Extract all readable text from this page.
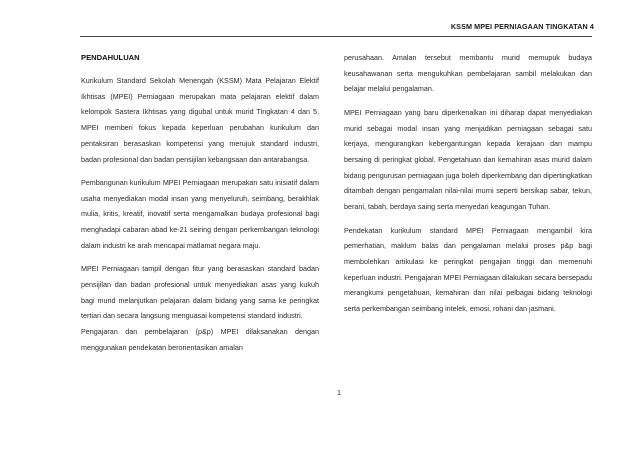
KSSM MPEI PERNIAGAAN TINGKATAN 4
PENDAHULUAN

Kurikulum Standard Sekolah Menengah (KSSM) Mata Pelajaran Elektif Ikhtisas (MPEI) Perniagaan merupakan mata pelajaran elektif dalam kelompok Sastera Ikhtisas yang digubal untuk murid Tingkatan 4 dan 5. MPEI memberi fokus kepada keperluan perubahan kurikulum dan pentaksiran berasaskan kompetensi yang merujuk standard industri, badan profesional dan badan pensijilan kebangsaan dan antarabangsa.

Pembangunan kurikulum MPEI Perniagaan merupakan satu inisiatif dalam usaha menyediakan modal insan yang menyeluruh, seimbang, berakhlak mulia, kritis, kreatif, inovatif serta mengamalkan budaya profesional bagi menghadapi cabaran abad ke-21 seiring dengan perkembangan teknologi dalam industri ke arah mencapai matlamat negara maju.

MPEI Perniagaan tampil dengan fitur yang berasaskan standard badan pensijilan dan badan profesional untuk menyediakan asas yang kukuh bagi murid melanjutkan pelajaran dalam bidang yang sama ke peringkat tertiari dan secara langsung menguasai kompetensi standard industri.

Pengajaran dan pembelajaran (p&p) MPEI dilaksanakan dengan menggunakan pendekatan berorientasikan amalan

perusahaan. Amalan tersebut membantu murid memupuk budaya keusahawanan serta mengukuhkan pembelajaran sambil melakukan dan belajar melalui pengalaman.

MPEI Perniagaan yang baru diperkenalkan ini diharap dapat menyediakan murid sebagai modal insan yang menjadikan perniagaan sebagai satu kerjaya, mengurangkan kebergantungan kepada kerajaan dan mampu bersaing di peringkat global. Pengetahuan dan kemahiran asas murid dalam bidang pengurusan perniagaan juga boleh diperkembang dan dipertingkatkan ditambah dengan pengamalan nilai-nilai murni seperti bersikap sabar, tekun, berani, tabah, berdaya saing serta menyedari keagungan Tuhan.

Pendekatan kurikulum standard MPEI Perniagaan mengambil kira pemerhatian, maklum balas dan pengalaman melalui proses p&p bagi membolehkan artikulasi ke peringkat pengajian tinggi dan memenuhi keperluan industri. Pengajaran MPEI Perniagaan dilakukan secara bersepadu merangkumi pengetahuan, kemahiran dan nilai pelbagai bidang teknologi serta perkembangan seimbang intelek, emosi, rohani dan jasmani.

1
